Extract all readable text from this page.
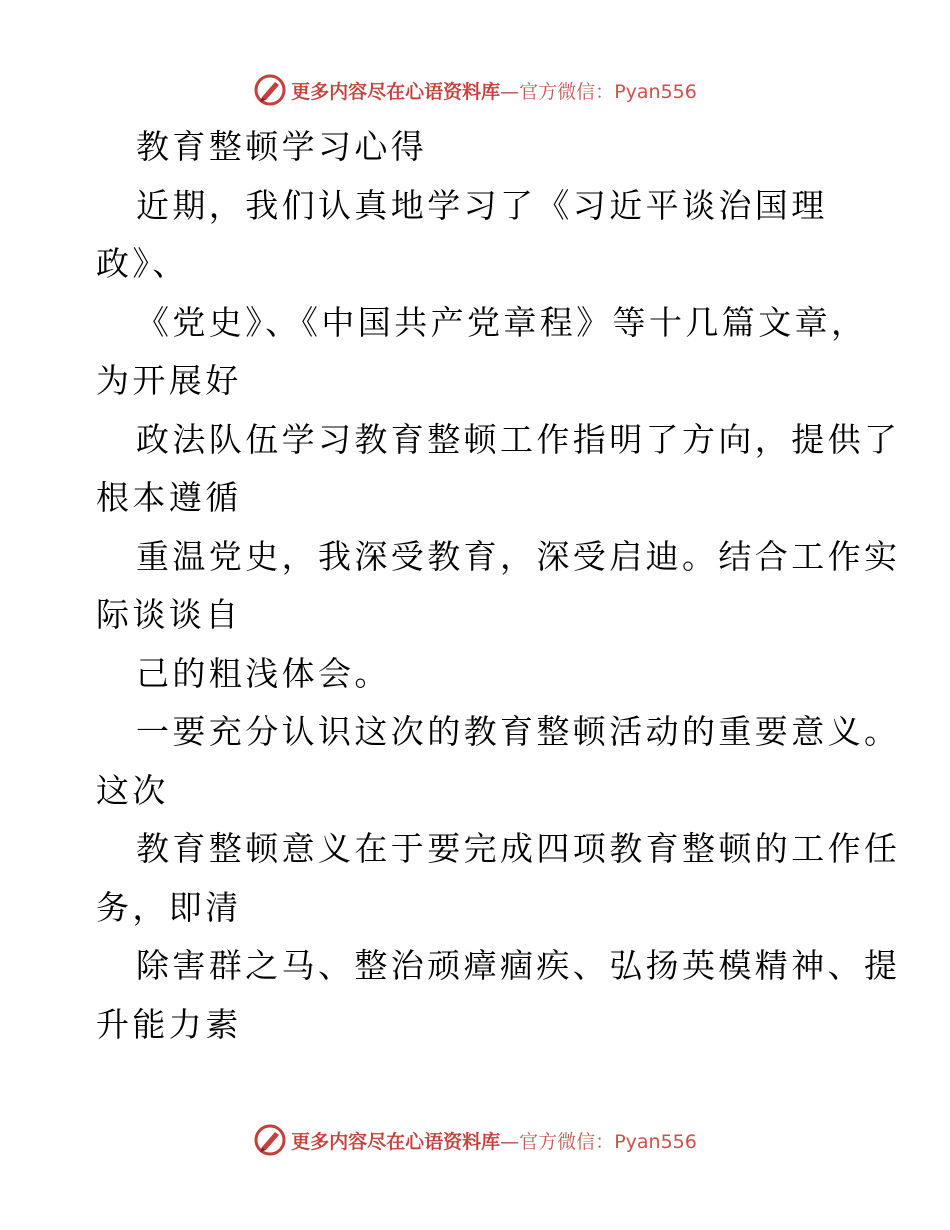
更多内容尽在心语资料库—官方微信：Pyan556
教育整顿学习心得
近期，我们认真地学习了《习近平谈治国理
政》、
《党史》、《中国共产党章程》等十几篇文章，
为开展好
政法队伍学习教育整顿工作指明了方向，提供了
根本遵循
重温党史，我深受教育，深受启迪。结合工作实
际谈谈自
己的粗浅体会。
一要充分认识这次的教育整顿活动的重要意义。
这次
教育整顿意义在于要完成四项教育整顿的工作任
务，即清
除害群之马、整治顽瘴痼疾、弘扬英模精神、提
升能力素
更多内容尽在心语资料库—官方微信：Pyan556
